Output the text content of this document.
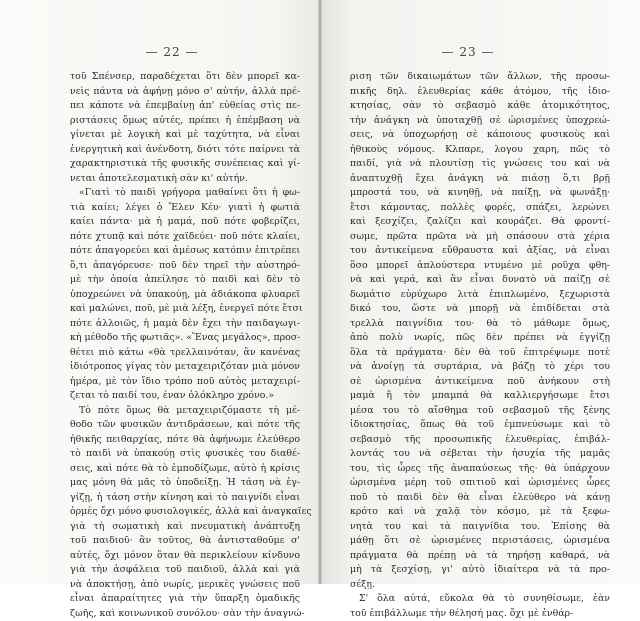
— 22 —
τοῦ Σπένσερ, παραδέχεται ὅτι δὲν μπορεῖ κα-
νεὶς πάντα νὰ ἀφήνῃ μόνο σ' αὐτήν, ἀλλὰ πρέ-
πει κάποτε νὰ ἐπεμβαίνῃ ἀπ' εὐθείας στὶς πε-
ριστάσεις ὅμως αὐτές, πρέπει ἡ ἐπέμβαση νὰ
γίνεται μὲ λογικὴ καὶ μὲ ταχύτητα, νὰ εἶναι
ἐνεργητικὴ καὶ ἀνένδοτη, διότι τότε παίρνει τὰ
χαρακτηριστικὰ τῆς φυσικῆς συνέπειας καὶ γί-
νεται ἀποτελεσματικὴ σὰν κι' αὐτήν.
«Γιατὶ τὸ παιδὶ γρήγορα μαθαίνει ὅτι ἡ φω-
τιὰ καίει; λέγει ὁ Ἔλεν Κέυ· γιατὶ ἡ φωτιὰ
καίει πάντα· μὰ ἡ μαμά, ποῦ πότε φοβερίζει,
πότε χτυπᾷ καὶ πότε χαϊδεύει· ποῦ πότε κλαίει,
πότε ἀπαγορεύει καὶ ἀμέσως κατόπιν ἐπιτρέπει
ὅ,τι ἀπαγόρευσε· ποῦ δὲν τηρεῖ τὴν αὐστηρό-
μὲ τὴν ὁποία ἀπείλησε τὸ παιδὶ καὶ δὲν τὸ
ὑποχρεώνει νὰ ὑπακούῃ, μὰ ἀδιάκοπα φλυαρεῖ
καὶ μαλώνει, ποῦ, μὲ μιὰ λέξη, ἐνεργεῖ πότε ἔτσι
πότε ἀλλοιῶς, ἡ μαμὰ δὲν ἔχει τὴν παιδαγωγι-
κὴ μέθοδο τῆς φωτιᾶς». «Ἕνας μεγάλος», προσ-
θέτει πιὸ κάτω «θὰ τρελλαινόταν, ἂν κανένας
ἰδιότροπος γίγας τὸν μεταχειριζόταν μιὰ μόνον
ἡμέρα, μὲ τὸν ἴδιο τρόπο ποῦ αὐτὸς μεταχειρί-
ζεται τὸ παιδί του, έναν ὁλόκληρο χρόνο.»
Τὸ πότε ὅμως θὰ μεταχειριζόμαστε τὴ μέ-
θοδο τῶν φυσικῶν ἀντιδράσεων, καὶ πότε τῆς
ἠθικῆς πειθαρχίας, πότε θὰ ἀφήνωμε ἐλεύθερο
τὸ παιδὶ νὰ ὑπακούῃ στὶς φυσικὲς του διαθέ-
σεις, καὶ πότε θὰ τὸ ἐμποδίζωμε, αὐτὸ ἡ κρίσις
μας μόνη θὰ μᾶς τὸ ὑποδείξῃ. Ἡ τάση νὰ ἐγ-
γίζῃ, ἡ τάση στὴν κίνηση καὶ τὸ παιγνίδι εἶναι
ὁρμὲς ὄχι μόνο φυσιολογικές, ἀλλὰ καὶ ἀναγκαῖες
γιὰ τὴ σωματικὴ καὶ πνευματικὴ ἀνάπτυξη
τοῦ παιδιοῦ· ἂν τοῦτος, θὰ ἀντισταθοῦμε σ'
αὐτές, ὄχι μόνον ὅταν θὰ περικλείουν κίνδυνο
γιὰ τὴν ἀσφάλεια τοῦ παιδιοῦ, ἀλλὰ καὶ γιὰ
νὰ ἀποκτήσῃ, ἀπὸ νωρίς, μερικὲς γνώσεις ποῦ
εἶναι ἀπαραίτητες γιὰ τὴν ὕπαρξη ὁμαδικῆς
ζωῆς, καὶ κοινωνικοῦ συνόλου· σὰν τὴν ἀναγνώ-
— 23 —
ριση τῶν δικαιωμάτων τῶν ἄλλων, τῆς προσω-
πικῆς δηλ. ἐλευθερίας κάθε ἀτόμου, τῆς ἰδιο-
κτησίας, σὰν τὸ σεβασμὸ κάθε ἀτομικότητος,
τὴν ἀνάγκη νὰ ὑποταχθῇ σὲ ὡρισμένες ὑποχρεώ-
σεις, νὰ ὑποχωρήσῃ σὲ κάποιους φυσικοὺς καὶ
ἠθικοὺς νόμους. Κλπαρε, λογου χαρη, πῶς τὸ
παιδί, γιὰ νὰ πλουτίσῃ τὶς γνώσεις του καὶ νὰ
ἀναπτυχθῇ ἔχει ἀνάγκη νὰ πιάσῃ ὅ,τι βρῇ
μπροστά του, νὰ κινηθῇ, νὰ παίξῃ, νὰ φωνάξῃ·
ἔτσι κάμοντας, πολλὲς φορές, σπάζει, λερώνει
καὶ ξεσχίζει, ζαλίζει καὶ κουράζει. Θὰ φροντί-
σωμε, πρῶτα πρῶτα νὰ μὴ σπάσουν στὰ χέρια
του ἀντικείμενα εὔθραυστα καὶ ἀξίας, νὰ εἶναι
ὅσο μπορεῖ ἁπλούστερα ντυμένο μὲ ροῦχα φθη-
νὰ καὶ γερά, καὶ ἂν εἶναι δυνατὸ νὰ παίζῃ σὲ
δωμάτιο εὐρύχωρο λιτὰ ἐπιπλωμένο, ξεχωριστὰ
δικό του, ὥστε νὰ μπορῇ νὰ ἐπιδίδεται στὰ
τρελλὰ παιγνίδια του· θὰ τὸ μάθωμε ὅμως,
ἀπὸ πολὺ νωρίς, πῶς δὲν πρέπει νὰ ἐγγίζῃ
ὅλα τὰ πράγματα· δὲν θὰ τοῦ ἐπιτρέψωμε ποτὲ
νὰ ἀνοίγῃ τὰ συρτάρια, νὰ βάζῃ τὸ χέρι του
σὲ ὡρισμένα ἀντικείμενα ποῦ ἀνήκουν στὴ
μαμὰ ἢ τὸν μπαμπά θὰ καλλιεργήσωμε ἔτσι
μέσα του τὸ αἴσθημα τοῦ σεβασμοῦ τῆς ξένης
ἰδιοκτησίας, ὅπως θὰ τοῦ ἐμπνεύσωμε καὶ τὸ
σεβασμὸ τῆς προσωπικῆς ἐλευθερίας, ἐπιβάλ-
λοντάς του νὰ σέβεται τὴν ἡσυχία τῆς μαμᾶς
του, τὶς ὧρες τῆς ἀναπαύσεως τῆς· θὰ ὑπάρχουν
ὡρισμένα μέρη τοῦ σπιτιοῦ καὶ ὡρισμένες ὧρες
ποῦ τὸ παιδὶ δὲν θὰ εἶναι ἐλεύθερο νὰ κάνῃ
κρότο καὶ νὰ χαλᾷ τὸν κόσμο, μὲ τὰ ξεφω-
νητὰ του καὶ τὰ παιγνίδια του. Ἐπίσης θὰ
μάθῃ ὅτι σὲ ὡρισμένες περιστάσεις, ὡρισμένα
πράγματα θὰ πρέπῃ νὰ τὰ τηρήσῃ καθαρά, νὰ
μὴ τὰ ξεσχίσῃ, γι' αὐτὸ ἰδιαίτερα νὰ τὰ προ-
σέξῃ.
Σ' ὅλα αὐτά, εὔκολα θὰ τὸ συνηθίσωμε, ἐὰν
τοῦ ἐπιβάλλωμε τὴν θέλησή μας. ὄχι μὲ ἐνθάρ-
